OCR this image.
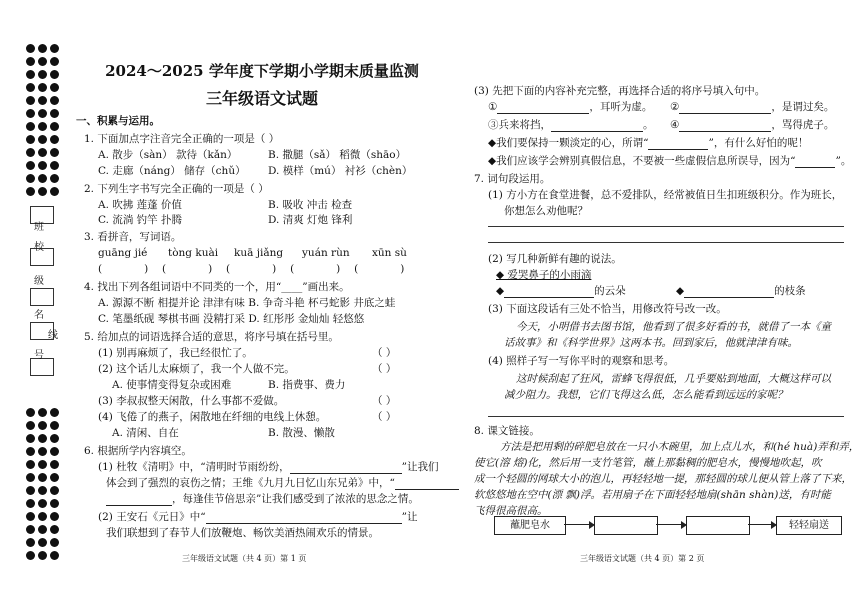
班
校
级
名
号
线
2024～2025 学年度下学期小学期末质量监测
三年级语文试题
一、积累与运用。
1. 下面加点字注音完全正确的一项是（ ）
A. 散步（sàn） 款待（kǎn）	B. 撒腿（sǎ） 稻微（shāo）
C. 走廊（náng） 储存（chǔ） D. 模样（mú） 衬衫（chèn）
2. 下列生字书写完全正确的一项是（ ）
A. 吹拂 莲蓬 价值	B. 吸收 冲击 检查
C. 流淌 钓竿 扑腾	D. 清爽 灯炮 锋利
3. 看拼音，写词语。
guāng jié tòng kuài kuā jiǎng yuán rùn xūn sù
(　　　　)　 (　　　　)　 (　　　　)　 (　　　　)　 (　　　　)
4. 找出下列各组词语中不同类的一个，用“____”画出来。
A. 源源不断 相提并论 津津有味 B. 争奇斗艳 杯弓蛇影 井底之蛙
C. 笔墨纸砚 琴棋书画 没精打采 D. 红彤彤 金灿灿 轻悠悠
5. 给加点的词语选择合适的意思，将序号填在括号里。
(1) 别再麻烦了，我已经很忙了。	（ ）
(2) 这个话儿太麻烦了，我一个人做不完。	（ ）
A. 使事情变得复杂或困难	B. 指费事、费力
(3) 李叔叔整天闲散，什么事都不爱做。	（ ）
(4) 飞倦了的燕子，闲散地在纤细的电线上休憩。	（ ）
A. 清闲、自在	B. 散漫、懒散
6. 根据所学内容填空。
(1) 杜牧《清明》中，“清明时节雨纷纷，	”让我们
体会到了强烈的哀伤之情；王维《九月九日忆山东兄弟》中，“
，每逢佳节倍思亲”让我们感受到了浓浓的思念之情。
(2) 王安石《元日》中“	”让
我们联想到了春节人们放鞭炮、畅饮美酒热闹欢乐的情景。
三年级语文试题（共 4 页）第 1 页
(3) 先把下面的内容补充完整，再选择合适的将序号填入句中。
①	，耳听为虚。 ②	，是谓过矣。
③兵来将挡，	。 ④	，骂得虎子。
◆我们要保持一颗淡定的心，所谓“	”，有什么好怕的呢！
◆我们应该学会辨别真假信息，不要被一些虚假信息所误导，因为“	”。
7. 词句段运用。
(1) 方小方在食堂进餐，总不爱排队，经常被值日生扣班级积分。作为班长，
你想怎么劝他呢？
(2) 写几种新鲜有趣的说法。
◆ 爱哭鼻子的小雨滴
◆	的云朵	◆	的枝条
(3) 下面这段话有三处不恰当，用修改符号改一改。
今天，小明借书去图书馆，他看到了很多好看的书，就借了一本《童
话故事》和《科学世界》这两本书。回到家后，他就津津有味。
(4) 照样子写一写你平时的观察和思考。
这时候刮起了狂风，雷蜂飞得很低，几乎要贴到地面，大概这样可以
减少阻力。我想，它们飞得这么低，怎么能看到远远的家呢？
8. 课文链接。
方法是把用剩的碎肥皂放在一只小木碗里，加上点儿水，和(hé huà)弄和弄，
使它(溶 熔)化，然后用一支竹笔管，蘸上那黏稠的肥皂水，慢慢地吹起，吹
成一个轻圆的网球大小的泡儿，再轻轻地一提，那轻圆的球儿便从管上落了下来，
软悠悠地在空中(漂 飘)浮。若用扇子在下面轻轻地扇(shān shàn)送，有时能
飞得很高很高。
蘸肥皂水	轻轻扇送
三年级语文试题（共 4 页）第 2 页
